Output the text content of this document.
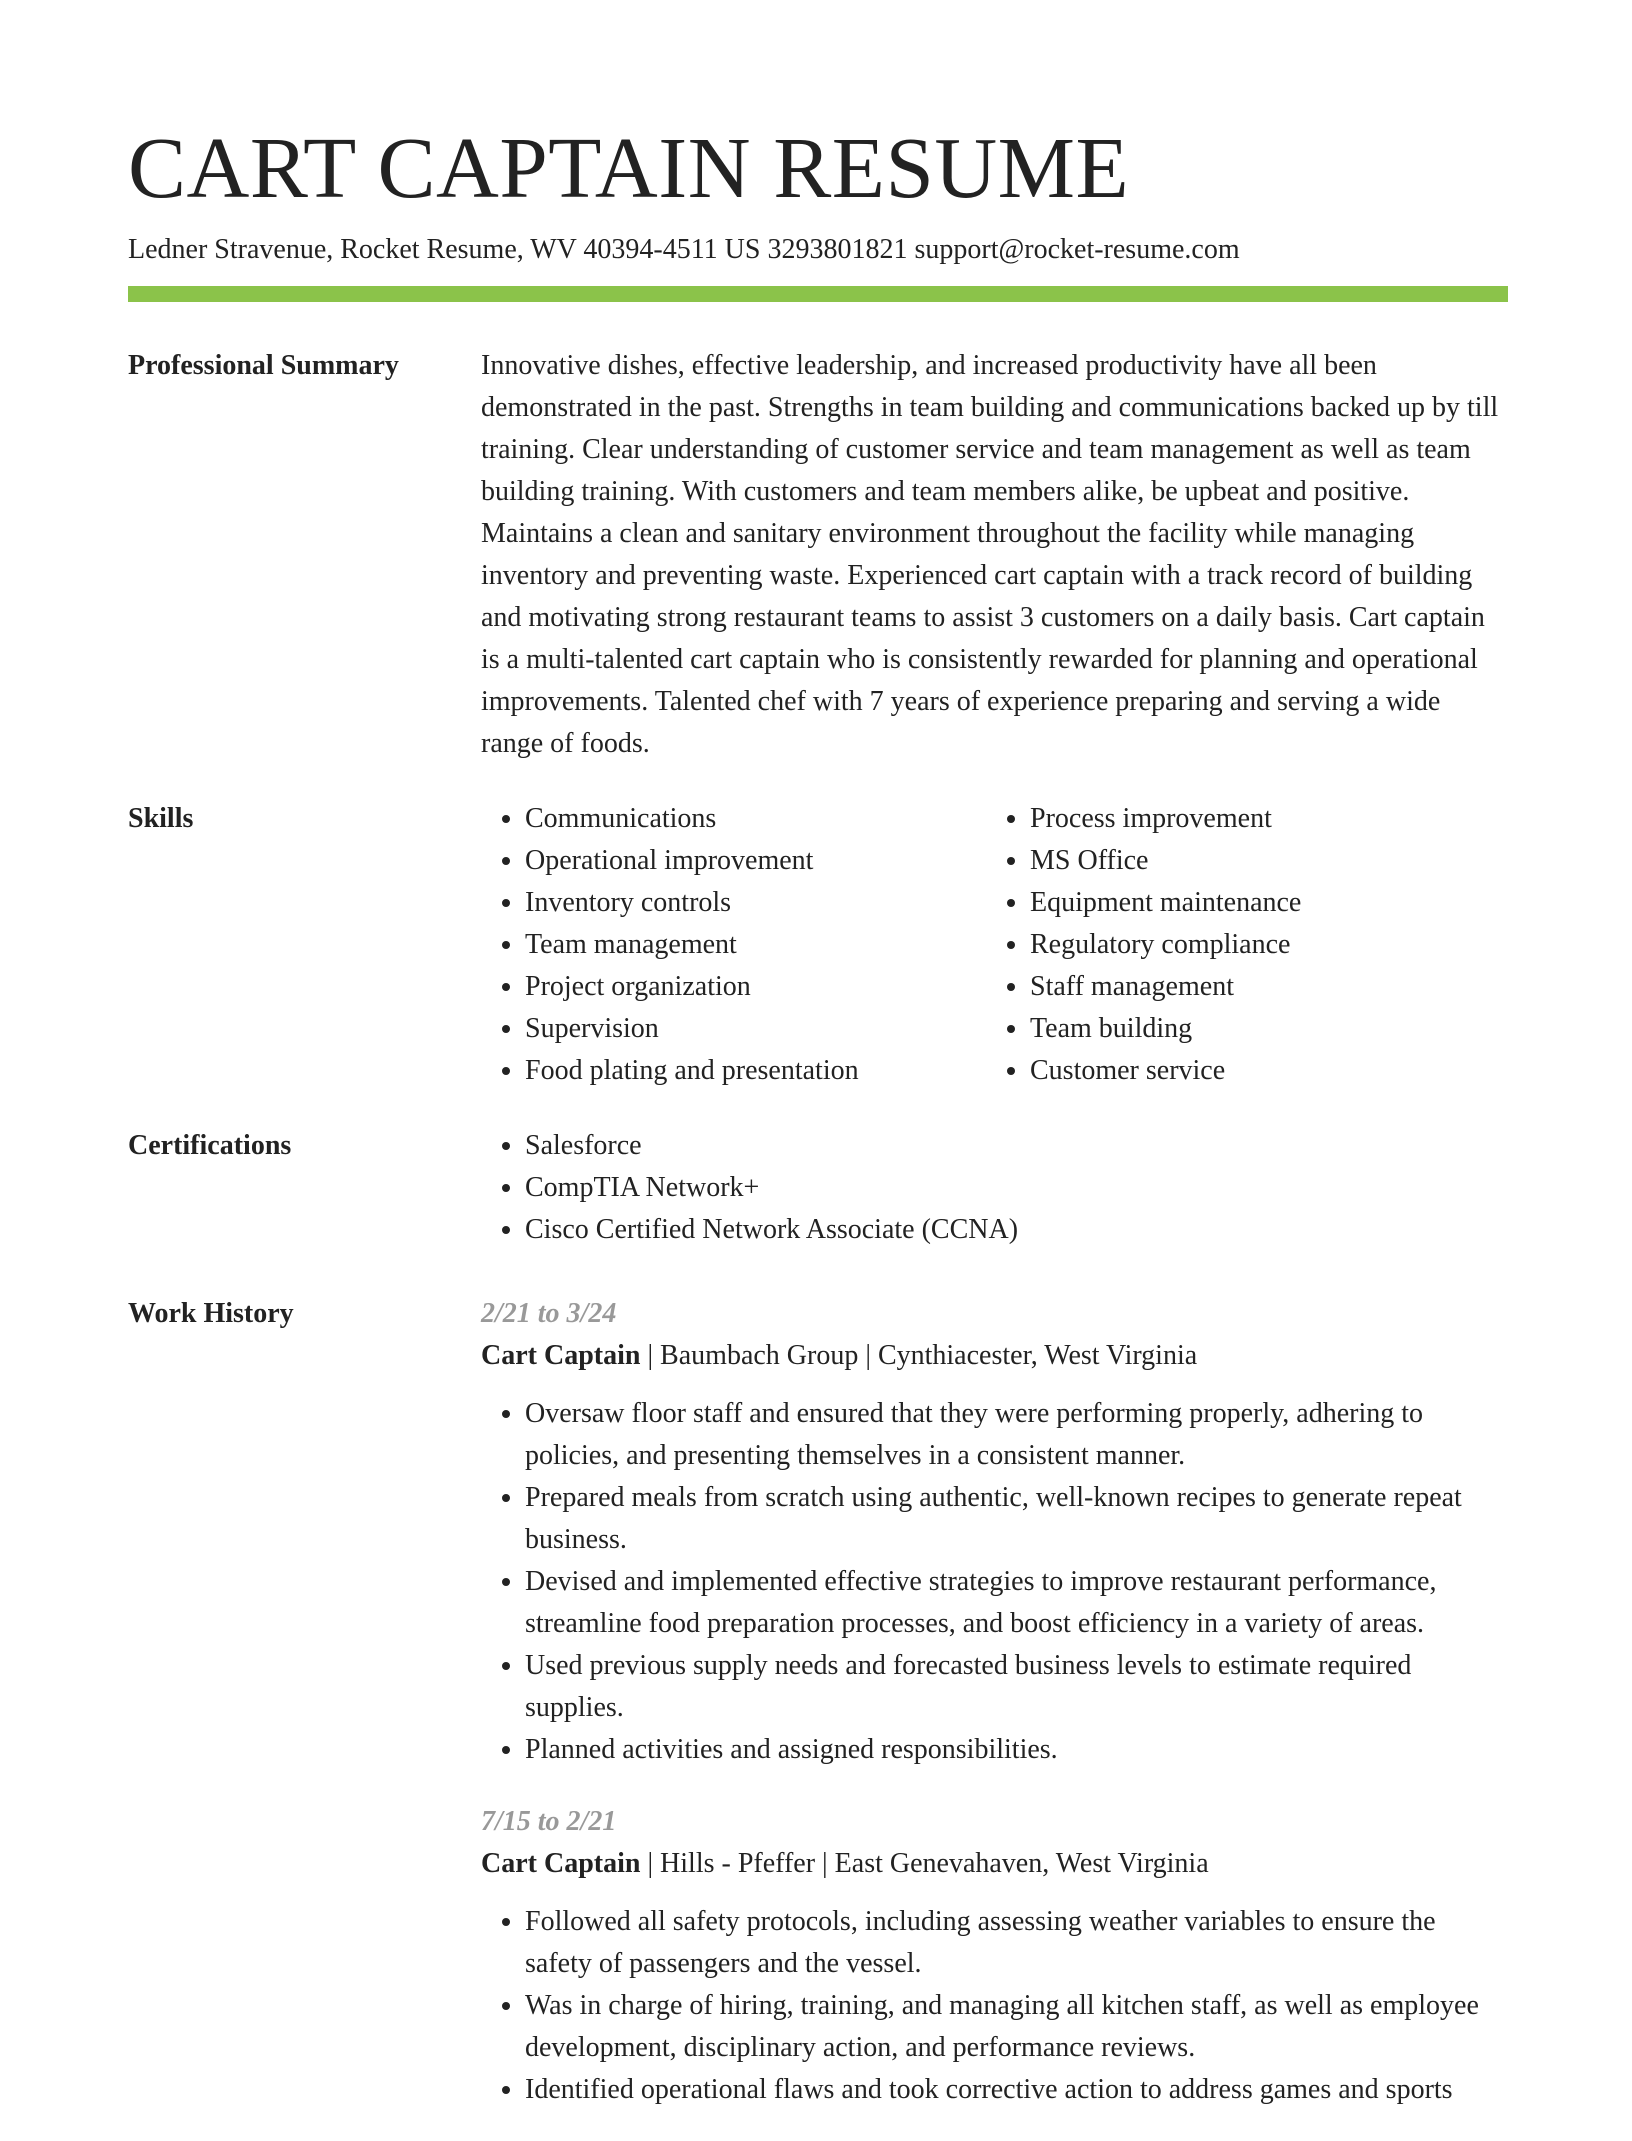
CART CAPTAIN RESUME
Ledner Stravenue, Rocket Resume, WV 40394-4511 US 3293801821 support@rocket-resume.com
Professional Summary	Innovative dishes, effective leadership, and increased productivity have all been demonstrated in the past. Strengths in team building and communications backed up by till training. Clear understanding of customer service and team management as well as team building training. With customers and team members alike, be upbeat and positive. Maintains a clean and sanitary environment throughout the facility while managing inventory and preventing waste. Experienced cart captain with a track record of building and motivating strong restaurant teams to assist 3 customers on a daily basis. Cart captain is a multi-talented cart captain who is consistently rewarded for planning and operational improvements. Talented chef with 7 years of experience preparing and serving a wide range of foods.

Skills	• Communications
• Operational improvement
• Inventory controls
• Team management
• Project organization
• Supervision
• Food plating and presentation
• Process improvement
• MS Office
• Equipment maintenance
• Regulatory compliance
• Staff management
• Team building
• Customer service
Certifications	• Salesforce
• CompTIA Network+
• Cisco Certified Network Associate (CCNA)
Work History	2/21 to 3/24
Cart Captain | Baumbach Group | Cynthiacester, West Virginia
• Oversaw floor staff and ensured that they were performing properly, adhering to policies, and presenting themselves in a consistent manner.
• Prepared meals from scratch using authentic, well-known recipes to generate repeat business.
• Devised and implemented effective strategies to improve restaurant performance, streamline food preparation processes, and boost efficiency in a variety of areas.
• Used previous supply needs and forecasted business levels to estimate required supplies.
• Planned activities and assigned responsibilities.
7/15 to 2/21
Cart Captain | Hills - Pfeffer | East Genevahaven, West Virginia
• Followed all safety protocols, including assessing weather variables to ensure the safety of passengers and the vessel.
• Was in charge of hiring, training, and managing all kitchen staff, as well as employee development, disciplinary action, and performance reviews.
• Identified operational flaws and took corrective action to address games and sports
